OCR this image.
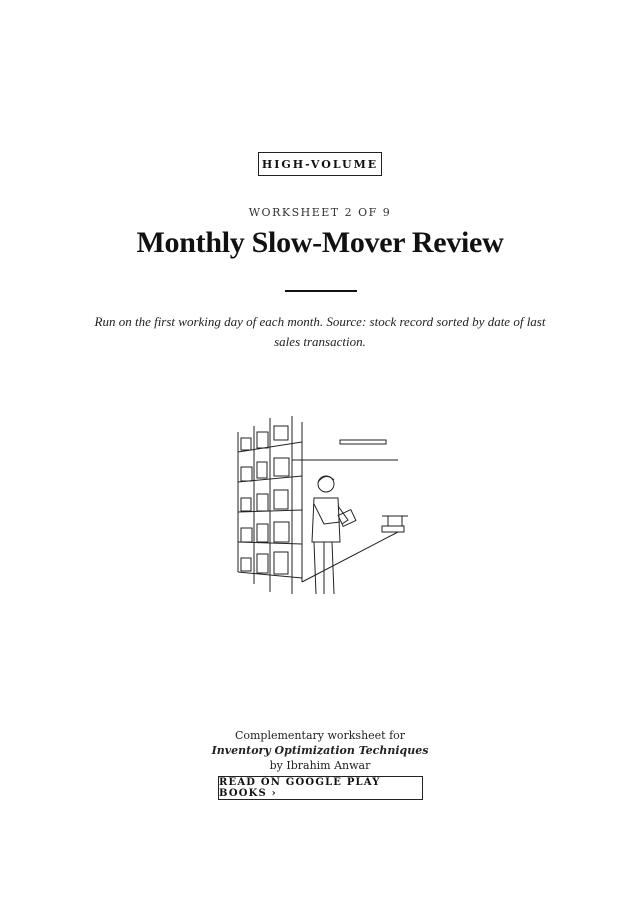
HIGH-VOLUME
WORKSHEET 2 OF 9
Monthly Slow-Mover Review
Run on the first working day of each month. Source: stock record sorted by date of last sales transaction.
Complementary worksheet for
Inventory Optimization Techniques
by Ibrahim Anwar
READ ON GOOGLE PLAY BOOKS ›
